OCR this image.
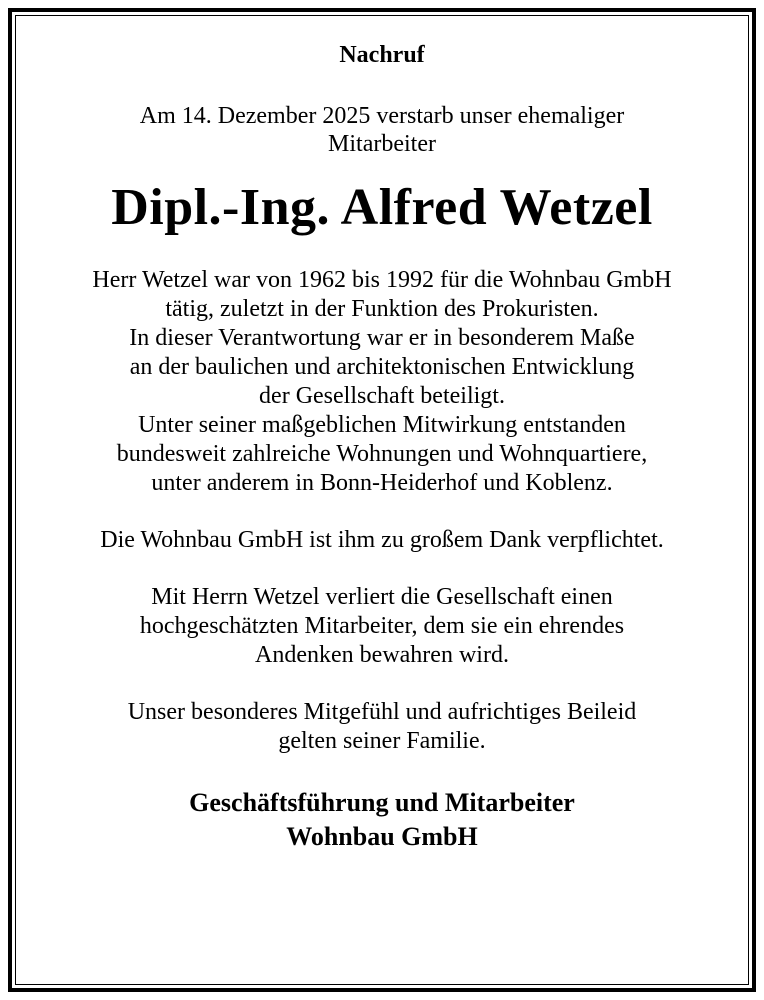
Nachruf
Am 14. Dezember 2025 verstarb unser ehemaliger
Mitarbeiter
Dipl.-Ing. Alfred Wetzel
Herr Wetzel war von 1962 bis 1992 für die Wohnbau GmbH
tätig, zuletzt in der Funktion des Prokuristen.
In dieser Verantwortung war er in besonderem Maße
an der baulichen und architektonischen Entwicklung
der Gesellschaft beteiligt.
Unter seiner maßgeblichen Mitwirkung entstanden
bundesweit zahlreiche Wohnungen und Wohnquartiere,
unter anderem in Bonn-Heiderhof und Koblenz.
Die Wohnbau GmbH ist ihm zu großem Dank verpflichtet.
Mit Herrn Wetzel verliert die Gesellschaft einen
hochgeschätzten Mitarbeiter, dem sie ein ehrendes
Andenken bewahren wird.
Unser besonderes Mitgefühl und aufrichtiges Beileid
gelten seiner Familie.
Geschäftsführung und Mitarbeiter
Wohnbau GmbH
